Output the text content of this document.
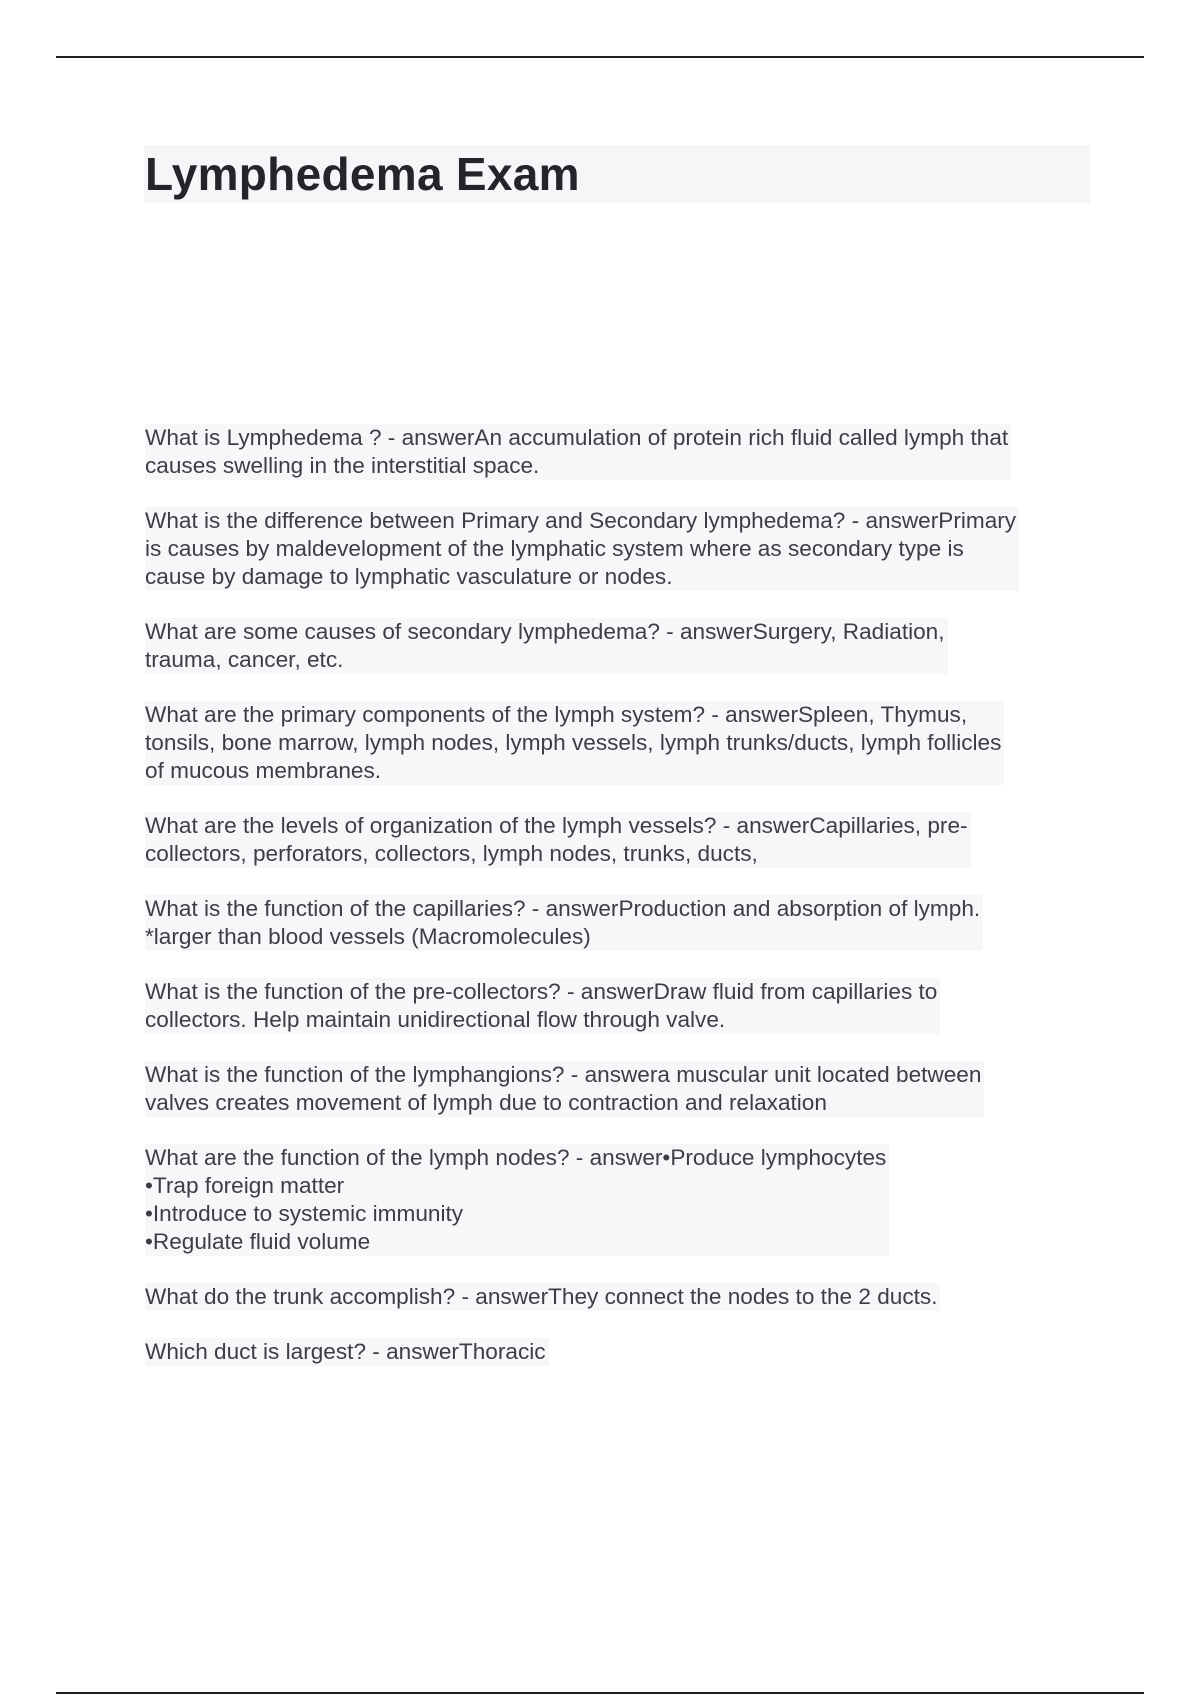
Lymphedema Exam
What is Lymphedema ? - answerAn accumulation of protein rich fluid called lymph that
causes swelling in the interstitial space.
What is the difference between Primary and Secondary lymphedema? - answerPrimary
is causes by maldevelopment of the lymphatic system where as secondary type is
cause by damage to lymphatic vasculature or nodes.
What are some causes of secondary lymphedema? - answerSurgery, Radiation,
trauma, cancer, etc.
What are the primary components of the lymph system? - answerSpleen, Thymus,
tonsils, bone marrow, lymph nodes, lymph vessels, lymph trunks/ducts, lymph follicles
of mucous membranes.
What are the levels of organization of the lymph vessels? - answerCapillaries, pre-
collectors, perforators, collectors, lymph nodes, trunks, ducts,
What is the function of the capillaries? - answerProduction and absorption of lymph.
*larger than blood vessels (Macromolecules)
What is the function of the pre-collectors? - answerDraw fluid from capillaries to
collectors. Help maintain unidirectional flow through valve.
What is the function of the lymphangions? - answera muscular unit located between
valves creates movement of lymph due to contraction and relaxation
What are the function of the lymph nodes? - answer•Produce lymphocytes
•Trap foreign matter
•Introduce to systemic immunity
•Regulate fluid volume
What do the trunk accomplish? - answerThey connect the nodes to the 2 ducts.
Which duct is largest? - answerThoracic
